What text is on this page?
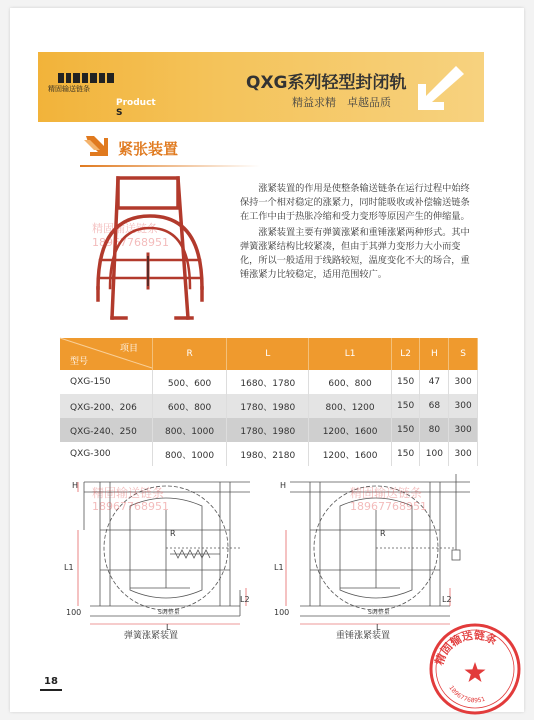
精固输送链条
Product S
QXG系列轻型封闭轨
精益求精　卓越品质
紧张装置

涨紧装置的作用是使整条输送链条在运行过程中始终保持一个相对稳定的涨紧力，同时能吸收或补偿输送链条在工作中由于热胀冷缩和受力变形等原因产生的伸缩量。

涨紧装置主要有弹簧涨紧和重锤涨紧两种形式。其中弹簧涨紧结构比较紧凑，但由于其弹力变形力大小而变化，所以一般适用于线路较短，温度变化不大的场合，重锤涨紧力比较稳定，适用范围较广。

精固输送链条
18967768951
项目
型号	R	L	L1	L2	H	S
QXG-150	500、600	1680、1780	600、800	150	47	300
QXG-200、206	600、800	1780、1980	800、1200	150	68	300
QXG-240、250	800、1000	1780、1980	1200、1600	150	80	300
QXG-300	800、1000	1980、2180	1200、1600	150	100	300
H
L1
L2
L
R
100	S调整量
H
L1
L2
L
R
100	S调整量
精固输送链条
18967768951
精固输送链条
18967768951
弹簧涨紧装置	重锤涨紧装置
18
精固输送链条
18967768951
